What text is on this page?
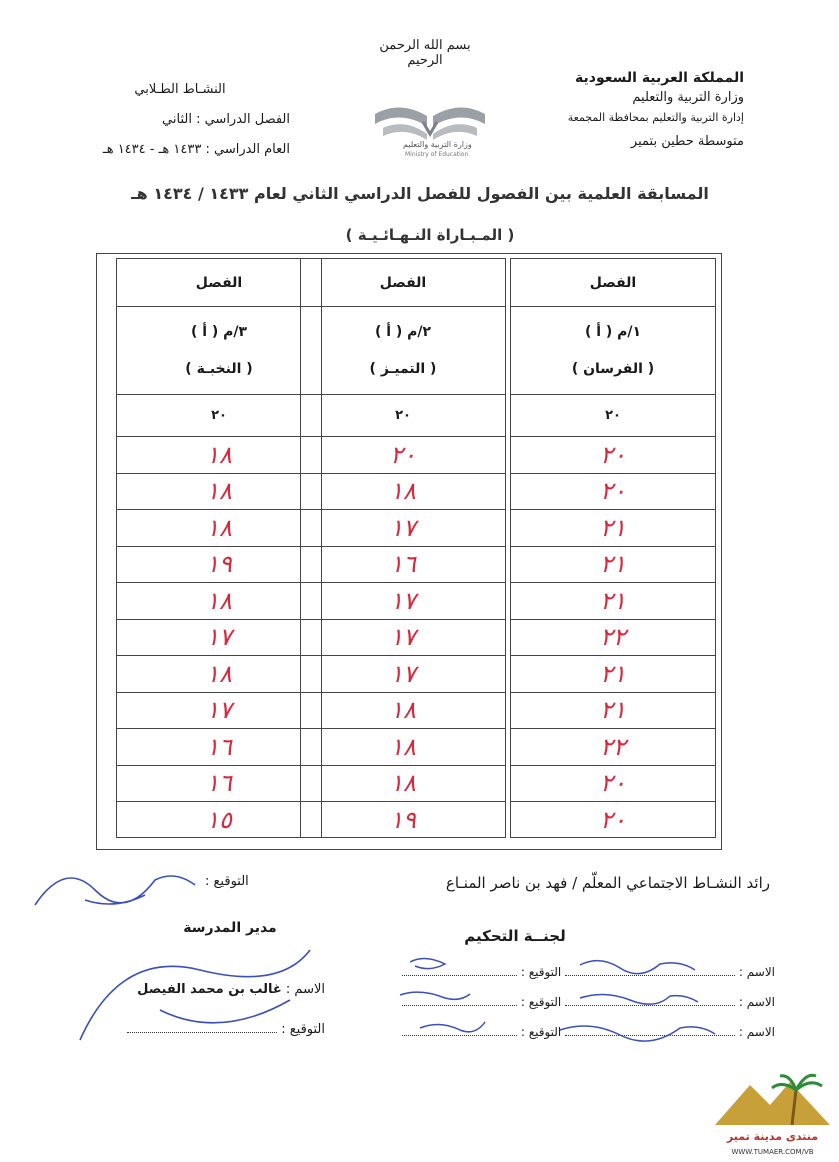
بسم الله الرحمن الرحيم
المملكة العربية السعودية
وزارة التربية والتعليم
إدارة التربية والتعليم بمحافظة المجمعة
متوسطة حطين بتمير
وزارة التربية والتعليم
Ministry of Education
النشـاط الطـلابي
الفصل الدراسي : الثاني
العام الدراسي : ١٤٣٣ هـ - ١٤٣٤ هـ
المسابقة العلمية بين الفصول للفصل الدراسي الثاني لعام ١٤٣٣ / ١٤٣٤ هـ
( المـبـاراة النـهـائـيـة )
الفصل
١/م ( أ )
( الفرسان )
٢٠
٢٠
٢٠
٢١
٢١
٢١
٢٢
٢١
٢١
٢٢
٢٠
٢٠
الفصل
٢/م ( أ )
( التميـز )
٢٠
٢٠
١٨
١٧
١٦
١٧
١٧
١٧
١٨
١٨
١٨
١٩
الفصل
٣/م ( أ )
( النخبـة )
٢٠
١٨
١٨
١٨
١٩
١٨
١٧
١٨
١٧
١٦
١٦
١٥
رائد النشـاط الاجتماعي المعلّم / فهد بن ناصر المنـاع
التوقيع :
لجنــة التحكيم
الاسم :  التوقيع :
الاسم :  التوقيع :
الاسم :  التوقيع :
مدير المدرسة
الاسم : غالب بن محمد الفيصل
التوقيع :
منتدى مدينة تمير
WWW.TUMAER.COM/VB
